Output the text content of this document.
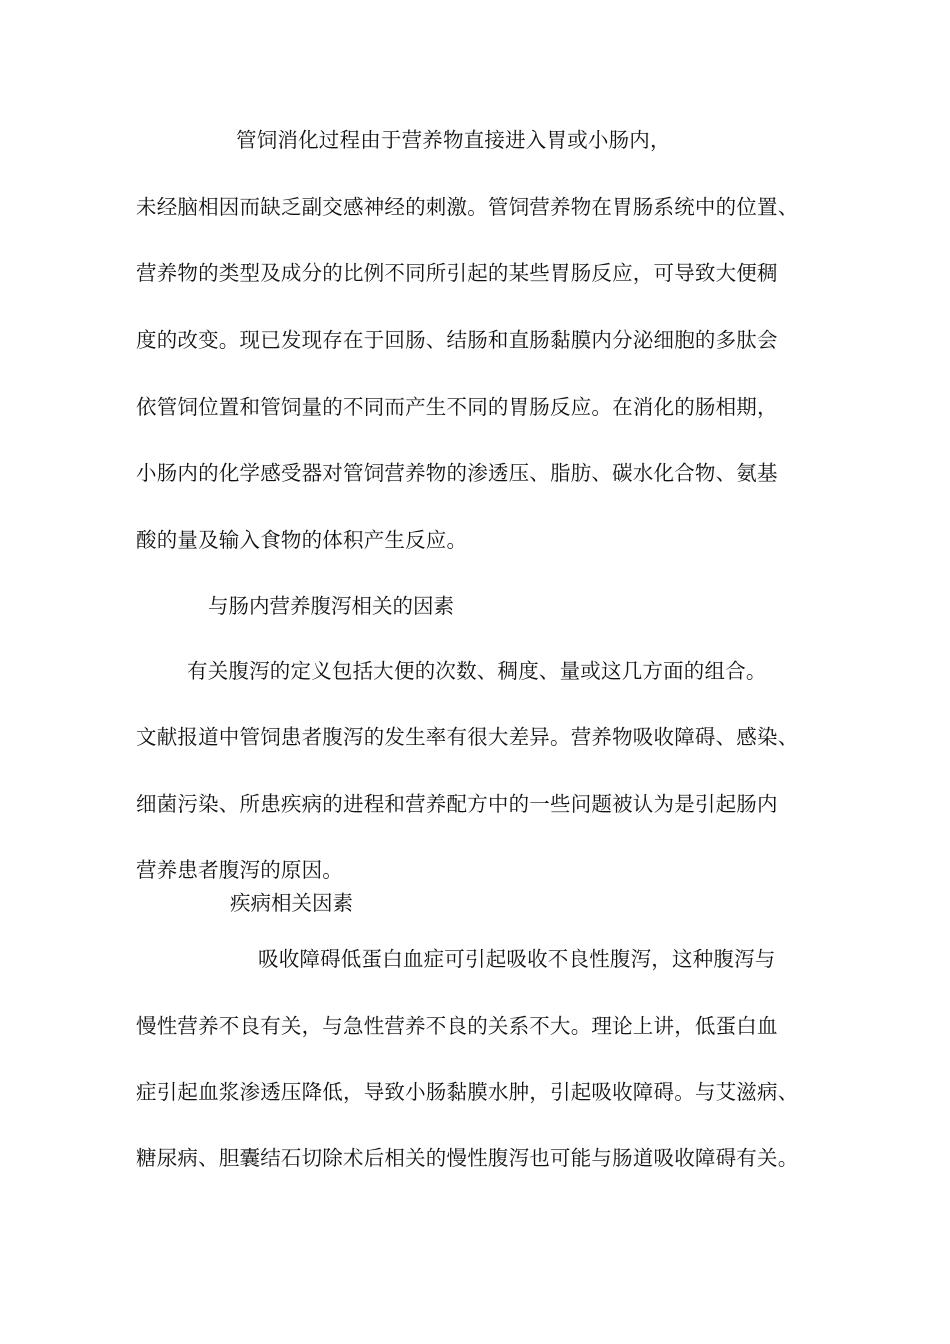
管饲消化过程由于营养物直接进入胃或小肠内，

未经脑相因而缺乏副交感神经的刺激。管饲营养物在胃肠系统中的位置、

营养物的类型及成分的比例不同所引起的某些胃肠反应，可导致大便稠

度的改变。现已发现存在于回肠、结肠和直肠黏膜内分泌细胞的多肽会

依管饲位置和管饲量的不同而产生不同的胃肠反应。在消化的肠相期，

小肠内的化学感受器对管饲营养物的渗透压、脂肪、碳水化合物、氨基

酸的量及输入食物的体积产生反应。

与肠内营养腹泻相关的因素

有关腹泻的定义包括大便的次数、稠度、量或这几方面的组合。

文献报道中管饲患者腹泻的发生率有很大差异。营养物吸收障碍、感染、

细菌污染、所患疾病的进程和营养配方中的一些问题被认为是引起肠内

营养患者腹泻的原因。

疾病相关因素

吸收障碍低蛋白血症可引起吸收不良性腹泻，这种腹泻与

慢性营养不良有关，与急性营养不良的关系不大。理论上讲，低蛋白血

症引起血浆渗透压降低，导致小肠黏膜水肿，引起吸收障碍。与艾滋病、

糖尿病、胆囊结石切除术后相关的慢性腹泻也可能与肠道吸收障碍有关。
